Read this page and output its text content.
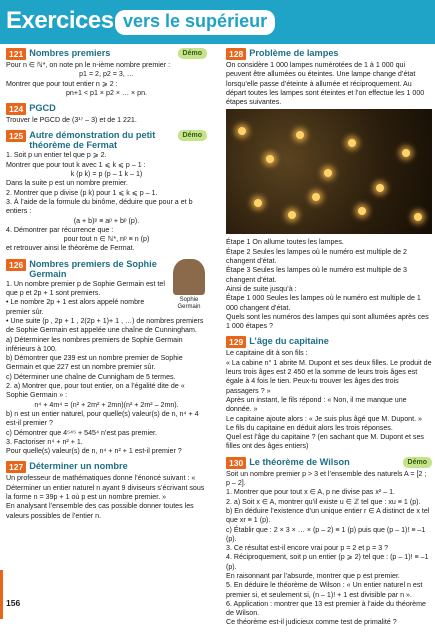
Exercices vers le supérieur
121 Nombres premiers	Démo

Pour n ∈ ℕ*, on note pn le n-ième nombre premier :

p1 = 2, p2 = 3, …

Montrer que pour tout entier n ⩾ 2 :

pn+1 < p1 × p2 × … × pn.

124 PGCD

Trouver le PGCD de (3¹⁷ – 3) et de 1 221.

125 Autre démonstration du petit théorème de Fermat
Démo

1. Soit p un entier tel que p ⩾ 2.

Montrer que pour tout k avec 1 ⩽ k ⩽ p – 1 :

k (p k) = p (p – 1 k – 1)

Dans la suite p est un nombre premier.

2. Montrer que p divise (p k) pour 1 ⩽ k ⩽ p – 1.

3. À l’aide de la formule du binôme, déduire que pour a et b entiers :

(a + b)ᵖ ≡ aᵖ + bᵖ (p).

4. Démontrer par récurrence que :

pour tout n ∈ ℕ*, nᵖ ≡ n (p)

et retrouver ainsi le théorème de Fermat.

Sophie Germain
126 Nombres premiers de Sophie Germain

1. Un nombre premier p de Sophie Germain est tel que p et 2p + 1 sont premiers.

• Le nombre 2p + 1 est alors appelé nombre premier sûr.

• Une suite (p , 2p + 1 , 2(2p + 1)+ 1 , …) de nombres premiers de Sophie Germain est appelée une chaîne de Cunningham.

a) Déterminer les nombres premiers de Sophie Germain inférieurs à 100.

b) Démontrer que 239 est un nombre premier de Sophie Germain et que 227 est un nombre premier sûr.

c) Déterminer une chaîne de Cunnigham de 5 termes.

2. a) Montrer que, pour tout entier, on a l’égalité dite de « Sophie Germain » :

n⁴ + 4m⁴ = (n² + 2m² + 2mn)(n² + 2m² – 2mn).

b) n est un entier naturel, pour quelle(s) valeur(s) de n, n⁴ + 4 est-il premier ?

c) Démontrer que 4⁵⁴⁵ + 545⁴ n’est pas premier.

3. Factoriser n⁴ + n² + 1.

Pour quelle(s) valeur(s) de n, n⁴ + n² + 1 est-il premier ?

127 Déterminer un nombre

Un professeur de mathématiques donne l’énoncé suivant : « Déterminer un entier naturel n ayant 9 diviseurs s’écrivant sous la forme n = 39p + 1 où p est un nombre premier. »

En analysant l’ensemble des cas possible donner toutes les valeurs possibles de l’entier n.

128 Problème de lampes

On considère 1 000 lampes numérotées de 1 à 1 000 qui peuvent être allumées ou éteintes. Une lampe change d’état lorsqu’elle passe d’éteinte à allumée et réciproquement. Au départ toutes les lampes sont éteintes et l’on effectue les 1 000 étapes suivantes.

Étape 1 On allume toutes les lampes.

Étape 2 Seules les lampes où le numéro est multiple de 2 changent d’état.

Étape 3 Seules les lampes où le numéro est multiple de 3 changent d’état.

Ainsi de suite jusqu’à :

Étape 1 000 Seules les lampes où le numéro est multiple de 1 000 changent d’état.

Quels sont les numéros des lampes qui sont allumées après ces 1 000 étapes ?

129 L’âge du capitaine

Le capitaine dit à son fils :

« La cabine n° 1 abrite M. Dupont et ses deux filles. Le produit de leurs trois âges est 2 450 et la somme de leurs trois âges est égale à 4 fois le tien. Peux-tu trouver les âges des trois passagers ? »

Après un instant, le fils répond : « Non, il me manque une donnée. »

Le capitaine ajoute alors : « Je suis plus âgé que M. Dupont. »

Le fils du capitaine en déduit alors les trois réponses.

Quel est l’âge du capitaine ? (en sachant que M. Dupont et ses filles ont des âges entiers)

130 Le théorème de Wilson	Démo

Soit un nombre premier p > 3 et l’ensemble des naturels A = [2 ; p – 2].

1. Montrer que pour tout x ∈ A, p ne divise pas x² – 1.

2. a) Soit x ∈ A, montrer qu’il existe u ∈ ℤ tel que : xu ≡ 1 (p).

b) En déduire l’existence d’un unique entier r ∈ A distinct de x tel que xr ≡ 1 (p).

c) Établir que : 2 × 3 × … × (p – 2) ≡ 1 (p) puis que (p – 1)! ≡ –1 (p).

3. Ce résultat est-il encore vrai pour p = 2 et p = 3 ?

4. Réciproquement, soit p un entier (p ⩾ 2) tel que : (p – 1)! ≡ –1 (p).

En raisonnant par l’absurde, montrer que p est premier.

5. En déduire le théorème de Wilson : « Un entier naturel n est premier si, et seulement si, (n – 1)! + 1 est divisible par n ».

6. Application : montrer que 13 est premier à l’aide du théorème de Wilson.

Ce théorème est-il judicieux comme test de primalité ?

156
